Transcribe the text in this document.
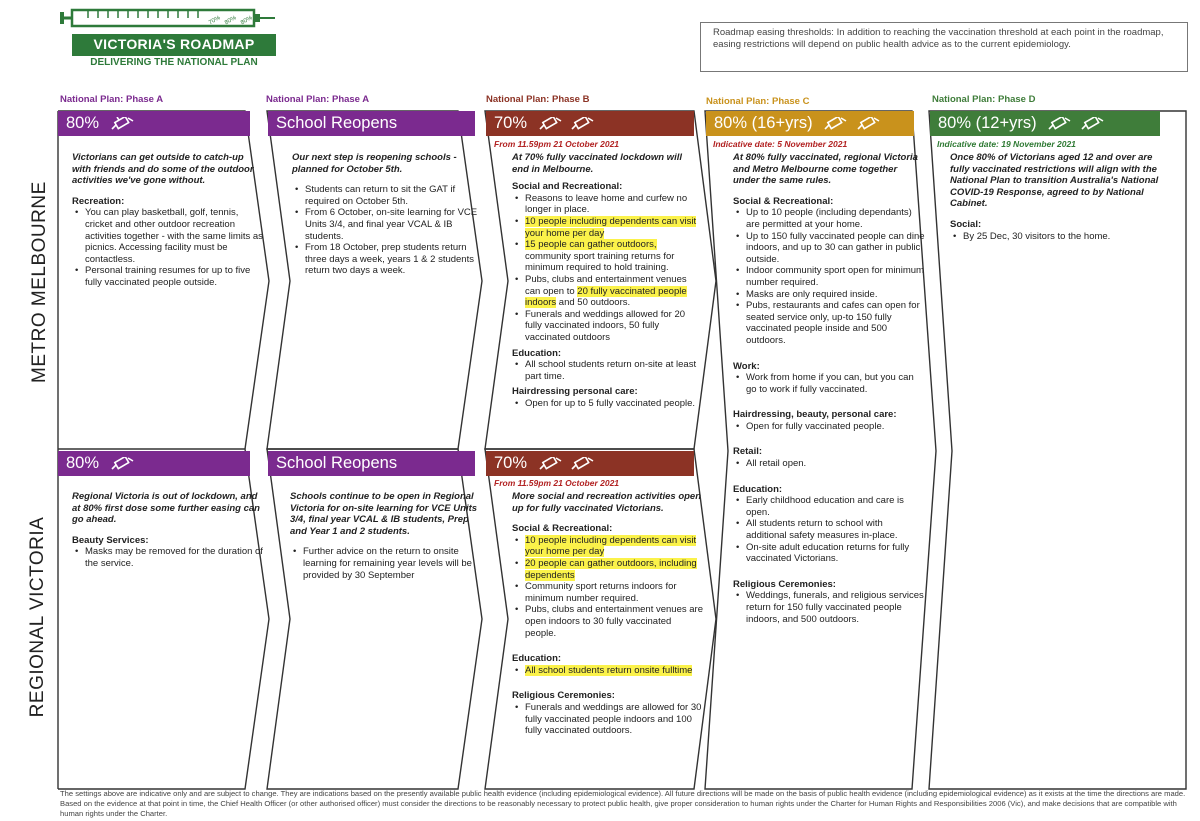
70% 80% 80%
VICTORIA'S ROADMAP
DELIVERING THE NATIONAL PLAN
Roadmap easing thresholds: In addition to reaching the vaccination threshold at each point in the roadmap, easing restrictions will depend on public health advice as to the current epidemiology.
METRO MELBOURNE
REGIONAL VICTORIA
National Plan: Phase A	National Plan: Phase A	National Plan: Phase B	National Plan: Phase C	National Plan: Phase D
80%
Victorians can get outside to catch-up with friends and do some of the outdoor activities we've gone without.
Recreation:
• You can play basketball, golf, tennis, cricket and other outdoor recreation activities together - with the same limits as picnics. Accessing facility must be contactless.
• Personal training resumes for up to five fully vaccinated people outside.
School Reopens
Our next step is reopening schools - planned for October 5th.
• Students can return to sit the GAT if required on October 5th.
• From 6 October, on-site learning for VCE Units 3/4, and final year VCAL & IB students.
• From 18 October, prep students return three days a week, years 1 & 2 students return two days a week.
70%
From 11.59pm 21 October 2021
At 70% fully vaccinated lockdown will end in Melbourne.
Social and Recreational:
• Reasons to leave home and curfew no longer in place.
• 10 people including dependents can visit your home per day
• 15 people can gather outdoors, community sport training returns for minimum required to hold training.
• Pubs, clubs and entertainment venues can open to 20 fully vaccinated people indoors and 50 outdoors.
• Funerals and weddings allowed for 20 fully vaccinated indoors, 50 fully vaccinated outdoors
Education:
• All school students return on-site at least part time.
Hairdressing personal care:
• Open for up to 5 fully vaccinated people.
80% (16+yrs)
Indicative date: 5 November 2021
At 80% fully vaccinated, regional Victoria and Metro Melbourne come together under the same rules.
Social & Recreational:
• Up to 10 people (including dependants) are permitted at your home.
• Up to 150 fully vaccinated people can dine indoors, and up to 30 can gather in public outside.
• Indoor community sport open for minimum number required.
• Masks are only required inside.
• Pubs, restaurants and cafes can open for seated service only, up-to 150 fully vaccinated people inside and 500 outdoors.
Work:
• Work from home if you can, but you can go to work if fully vaccinated.
Hairdressing, beauty, personal care:
• Open for fully vaccinated people.
Retail:
• All retail open.
Education:
• Early childhood education and care is open.
• All students return to school with additional safety measures in-place.
• On-site adult education returns for fully vaccinated Victorians.
Religious Ceremonies:
• Weddings, funerals, and religious services return for 150 fully vaccinated people indoors, and 500 outdoors.
80% (12+yrs)
Indicative date: 19 November 2021
Once 80% of Victorians aged 12 and over are fully vaccinated restrictions will align with the National Plan to transition Australia's National COVID-19 Response, agreed to by National Cabinet.
Social:
• By 25 Dec, 30 visitors to the home.
80%
Regional Victoria is out of lockdown, and at 80% first dose some further easing can go ahead.
Beauty Services:
• Masks may be removed for the duration of the service.
School Reopens
Schools continue to be open in Regional Victoria for on-site learning for VCE Units 3/4, final year VCAL & IB students, Prep and Year 1 and 2 students.
• Further advice on the return to onsite learning for remaining year levels will be provided by 30 September
70%
From 11.59pm 21 October 2021
More social and recreation activities open up for fully vaccinated Victorians.
Social & Recreational:
• 10 people including dependents can visit your home per day
• 20 people can gather outdoors, including dependents
• Community sport returns indoors for minimum number required.
• Pubs, clubs and entertainment venues are open indoors to 30 fully vaccinated people.
Education:
• All school students return onsite fulltime
Religious Ceremonies:
• Funerals and weddings are allowed for 30 fully vaccinated people indoors and 100 fully vaccinated outdoors.
The settings above are indicative only and are subject to change. They are indications based on the presently available public health evidence (including epidemiological evidence). All future directions will be made on the basis of public health evidence (including epidemiological evidence) as it exists at the time the directions are made. Based on the evidence at that point in time, the Chief Health Officer (or other authorised officer) must consider the directions to be reasonably necessary to protect public health, give proper consideration to human rights under the Charter for Human Rights and Responsibilities 2006 (Vic), and make decisions that are compatible with human rights under the Charter.
